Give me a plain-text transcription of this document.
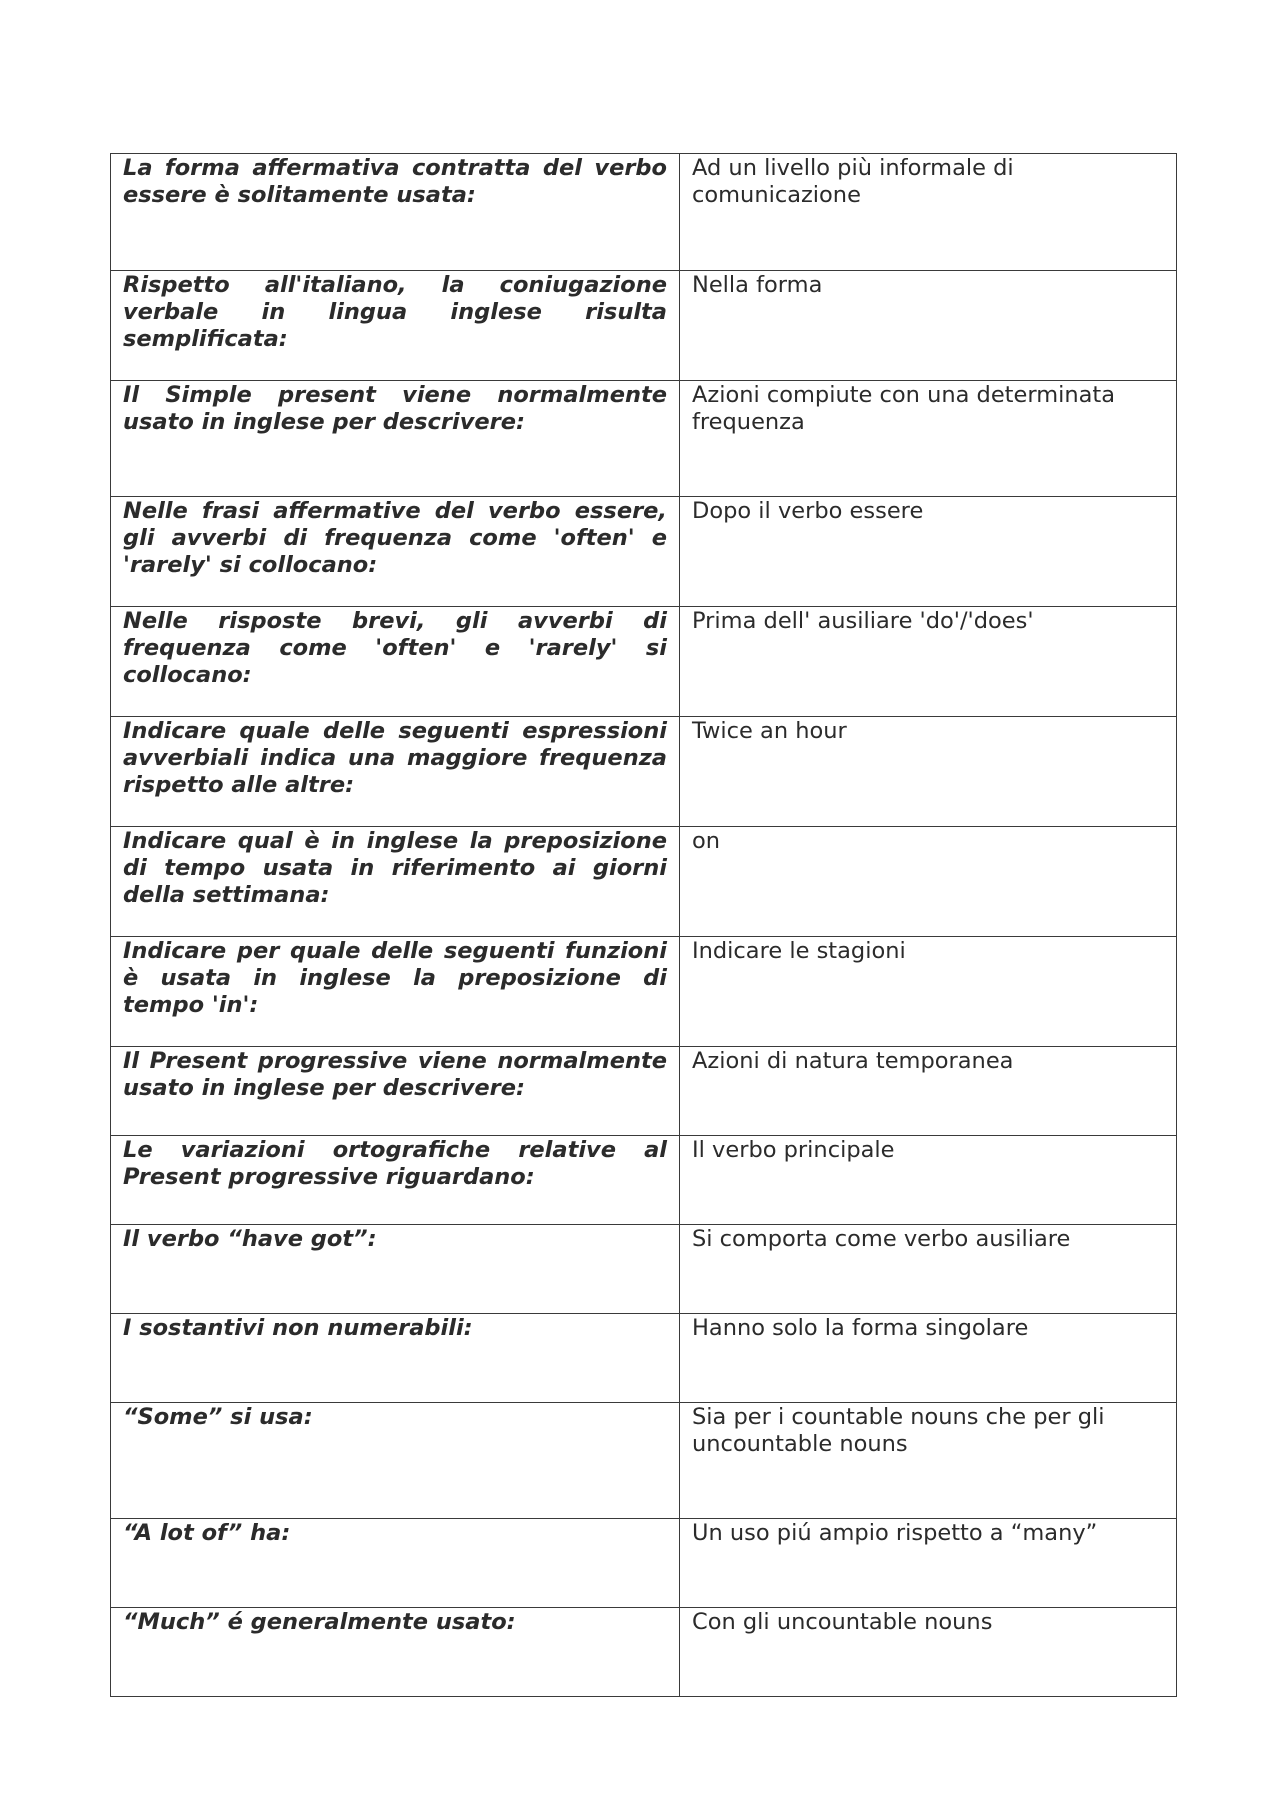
La forma affermativa contratta del verbo essere è solitamente usata:	Ad un livello più informale di comunicazione

Rispetto all'italiano, la coniugazione verbale in lingua inglese risulta semplificata:	Nella forma

Il Simple present viene normalmente usato in inglese per descrivere:	Azioni compiute con una determinata frequenza

Nelle frasi affermative del verbo essere, gli avverbi di frequenza come 'often' e 'rarely' si collocano:	Dopo il verbo essere

Nelle risposte brevi, gli avverbi di frequenza come 'often' e 'rarely' si collocano:	Prima dell' ausiliare 'do'/'does'

Indicare quale delle seguenti espressioni avverbiali indica una maggiore frequenza rispetto alle altre:	Twice an hour

Indicare qual è in inglese la preposizione di tempo usata in riferimento ai giorni della settimana:	on

Indicare per quale delle seguenti funzioni è usata in inglese la preposizione di tempo 'in':	Indicare le stagioni

Il Present progressive viene normalmente usato in inglese per descrivere:	Azioni di natura temporanea

Le variazioni ortografiche relative al Present progressive riguardano:	Il verbo principale

Il verbo “have got”:	Si comporta come verbo ausiliare

I sostantivi non numerabili:	Hanno solo la forma singolare

“Some” si usa:	Sia per i countable nouns che per gli uncountable nouns

“A lot of” ha:	Un uso piú ampio rispetto a “many”

“Much” é generalmente usato:	Con gli uncountable nouns
